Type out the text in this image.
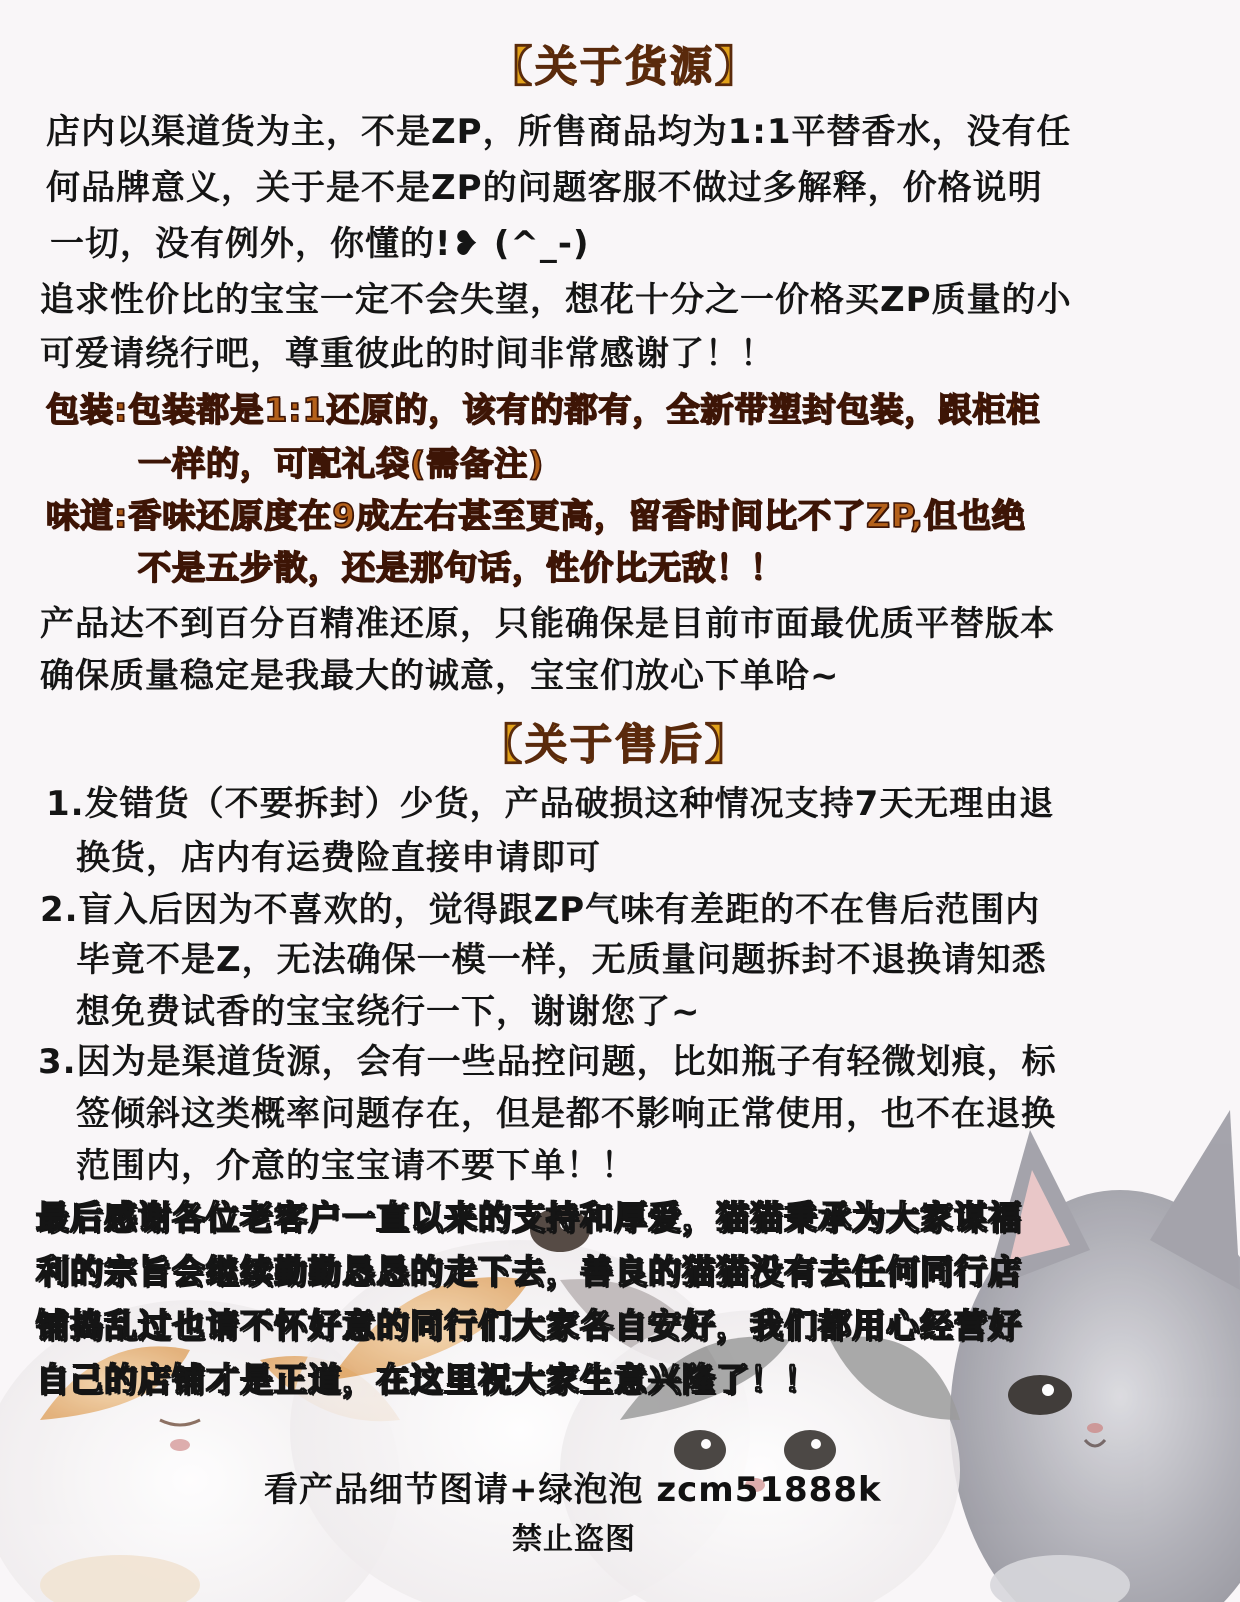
【关于货源】
店内以渠道货为主，不是ZP，所售商品均为1:1平替香水，没有任
何品牌意义，关于是不是ZP的问题客服不做过多解释，价格说明
一切，没有例外，你懂的!❥ (^_-)
追求性价比的宝宝一定不会失望，想花十分之一价格买ZP质量的小
可爱请绕行吧，尊重彼此的时间非常感谢了！！
包装:包装都是1:1还原的，该有的都有，全新带塑封包装，跟柜柜
一样的，可配礼袋(需备注)
味道:香味还原度在9成左右甚至更高，留香时间比不了ZP,但也绝
不是五步散，还是那句话，性价比无敌！！
产品达不到百分百精准还原，只能确保是目前市面最优质平替版本
确保质量稳定是我最大的诚意，宝宝们放心下单哈~
【关于售后】
1.发错货（不要拆封）少货，产品破损这种情况支持7天无理由退
换货，店内有运费险直接申请即可
2.盲入后因为不喜欢的，觉得跟ZP气味有差距的不在售后范围内
毕竟不是Z，无法确保一模一样，无质量问题拆封不退换请知悉
想免费试香的宝宝绕行一下，谢谢您了~
3.因为是渠道货源，会有一些品控问题，比如瓶子有轻微划痕，标
签倾斜这类概率问题存在，但是都不影响正常使用，也不在退换
范围内，介意的宝宝请不要下单！！
最后感谢各位老客户一直以来的支持和厚爱，猫猫秉承为大家谋福
利的宗旨会继续勤勤恳恳的走下去，善良的猫猫没有去任何同行店
铺捣乱过也请不怀好意的同行们大家各自安好，我们都用心经营好
自己的店铺才是正道，在这里祝大家生意兴隆了！！
看产品细节图请+绿泡泡 zcm51888k
禁止盗图
